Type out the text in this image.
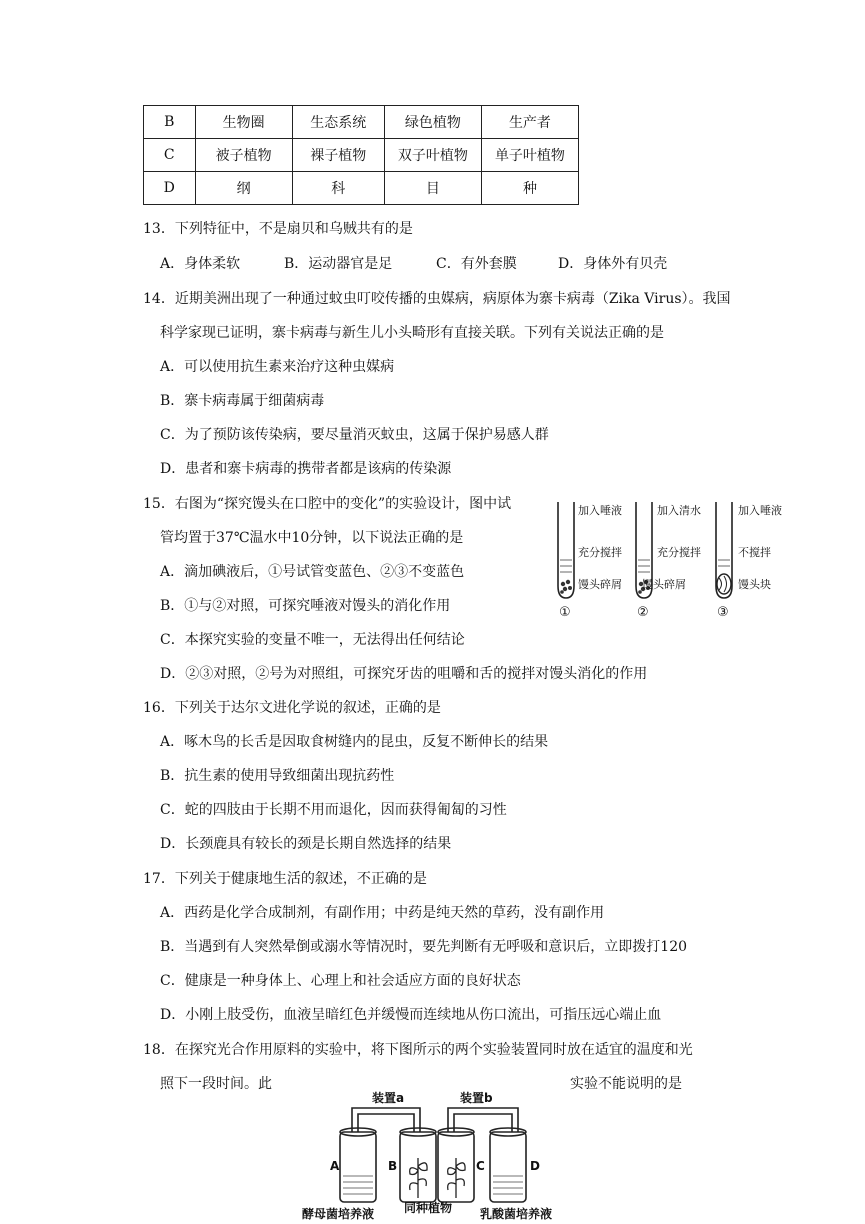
B	生物圈	生态系统	绿色植物	生产者
C	被子植物	裸子植物	双子叶植物	单子叶植物
D	纲	科	目	种
13．下列特征中，不是扇贝和乌贼共有的是
A．身体柔软	B．运动器官是足	C．有外套膜	D．身体外有贝壳
14．近期美洲出现了一种通过蚊虫叮咬传播的虫媒病，病原体为寨卡病毒（Zika Virus）。我国
科学家现已证明，寨卡病毒与新生儿小头畸形有直接关联。下列有关说法正确的是
A．可以使用抗生素来治疗这种虫媒病
B．寨卡病毒属于细菌病毒
C．为了预防该传染病，要尽量消灭蚊虫，这属于保护易感人群
D．患者和寨卡病毒的携带者都是该病的传染源
15．右图为“探究馒头在口腔中的变化”的实验设计，图中试
管均置于37℃温水中10分钟，以下说法正确的是
A．滴加碘液后，①号试管变蓝色、②③不变蓝色
B．①与②对照，可探究唾液对馒头的消化作用
C．本探究实验的变量不唯一，无法得出任何结论
D．②③对照，②号为对照组，可探究牙齿的咀嚼和舌的搅拌对馒头消化的作用
加入唾液
充分搅拌
馒头碎屑
加入清水
充分搅拌
馒头碎屑
加入唾液
不搅拌
馒头块
①	②	③
16．下列关于达尔文进化学说的叙述，正确的是
A．啄木鸟的长舌是因取食树缝内的昆虫，反复不断伸长的结果
B．抗生素的使用导致细菌出现抗药性
C．蛇的四肢由于长期不用而退化，因而获得匍匐的习性
D．长颈鹿具有较长的颈是长期自然选择的结果
17．下列关于健康地生活的叙述，不正确的是
A．西药是化学合成制剂，有副作用；中药是纯天然的草药，没有副作用
B．当遇到有人突然晕倒或溺水等情况时，要先判断有无呼吸和意识后，立即拨打120
C．健康是一种身体上、心理上和社会适应方面的良好状态
D．小刚上肢受伤，血液呈暗红色并缓慢而连续地从伤口流出，可指压远心端止血
18．在探究光合作用原料的实验中，将下图所示的两个实验装置同时放在适宜的温度和光
照下一段时间。此	实验不能说明的是
装置a	装置b
A	B	C	D
酵母菌培养液 同种植物 乳酸菌培养液
